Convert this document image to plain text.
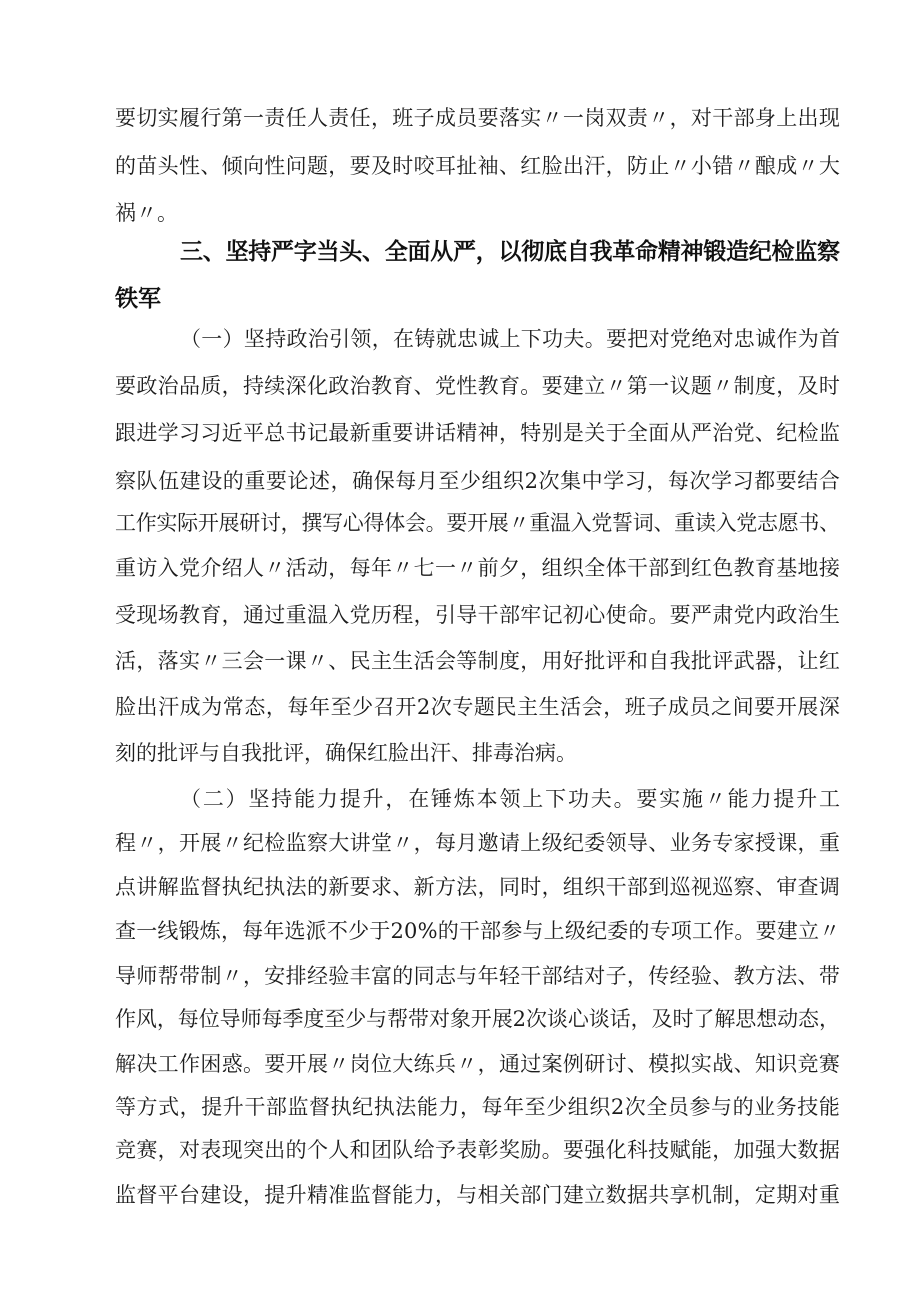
要切实履行第一责任人责任，班子成员要落实〃一岗双责〃，对干部身上出现

的苗头性、倾向性问题，要及时咬耳扯袖、红脸出汗，防止〃小错〃酿成〃大

祸〃。

三、坚持严字当头、全面从严，以彻底自我革命精神锻造纪检监察
铁军

（一）坚持政治引领，在铸就忠诚上下功夫。要把对党绝对忠诚作为首

要政治品质，持续深化政治教育、党性教育。要建立〃第一议题〃制度，及时

跟进学习习近平总书记最新重要讲话精神，特别是关于全面从严治党、纪检监

察队伍建设的重要论述，确保每月至少组织2次集中学习，每次学习都要结合

工作实际开展研讨，撰写心得体会。要开展〃重温入党誓词、重读入党志愿书、

重访入党介绍人〃活动，每年〃七一〃前夕，组织全体干部到红色教育基地接

受现场教育，通过重温入党历程，引导干部牢记初心使命。要严肃党内政治生

活，落实〃三会一课〃、民主生活会等制度，用好批评和自我批评武器，让红

脸出汗成为常态，每年至少召开2次专题民主生活会，班子成员之间要开展深

刻的批评与自我批评，确保红脸出汗、排毒治病。

（二）坚持能力提升，在锤炼本领上下功夫。要实施〃能力提升工

程〃，开展〃纪检监察大讲堂〃，每月邀请上级纪委领导、业务专家授课，重

点讲解监督执纪执法的新要求、新方法，同时，组织干部到巡视巡察、审查调

查一线锻炼，每年选派不少于20%的干部参与上级纪委的专项工作。要建立〃

导师帮带制〃，安排经验丰富的同志与年轻干部结对子，传经验、教方法、带

作风，每位导师每季度至少与帮带对象开展2次谈心谈话，及时了解思想动态，

解决工作困惑。要开展〃岗位大练兵〃，通过案例研讨、模拟实战、知识竞赛

等方式，提升干部监督执纪执法能力，每年至少组织2次全员参与的业务技能

竞赛，对表现突出的个人和团队给予表彰奖励。要强化科技赋能，加强大数据

监督平台建设，提升精准监督能力，与相关部门建立数据共享机制，定期对重
